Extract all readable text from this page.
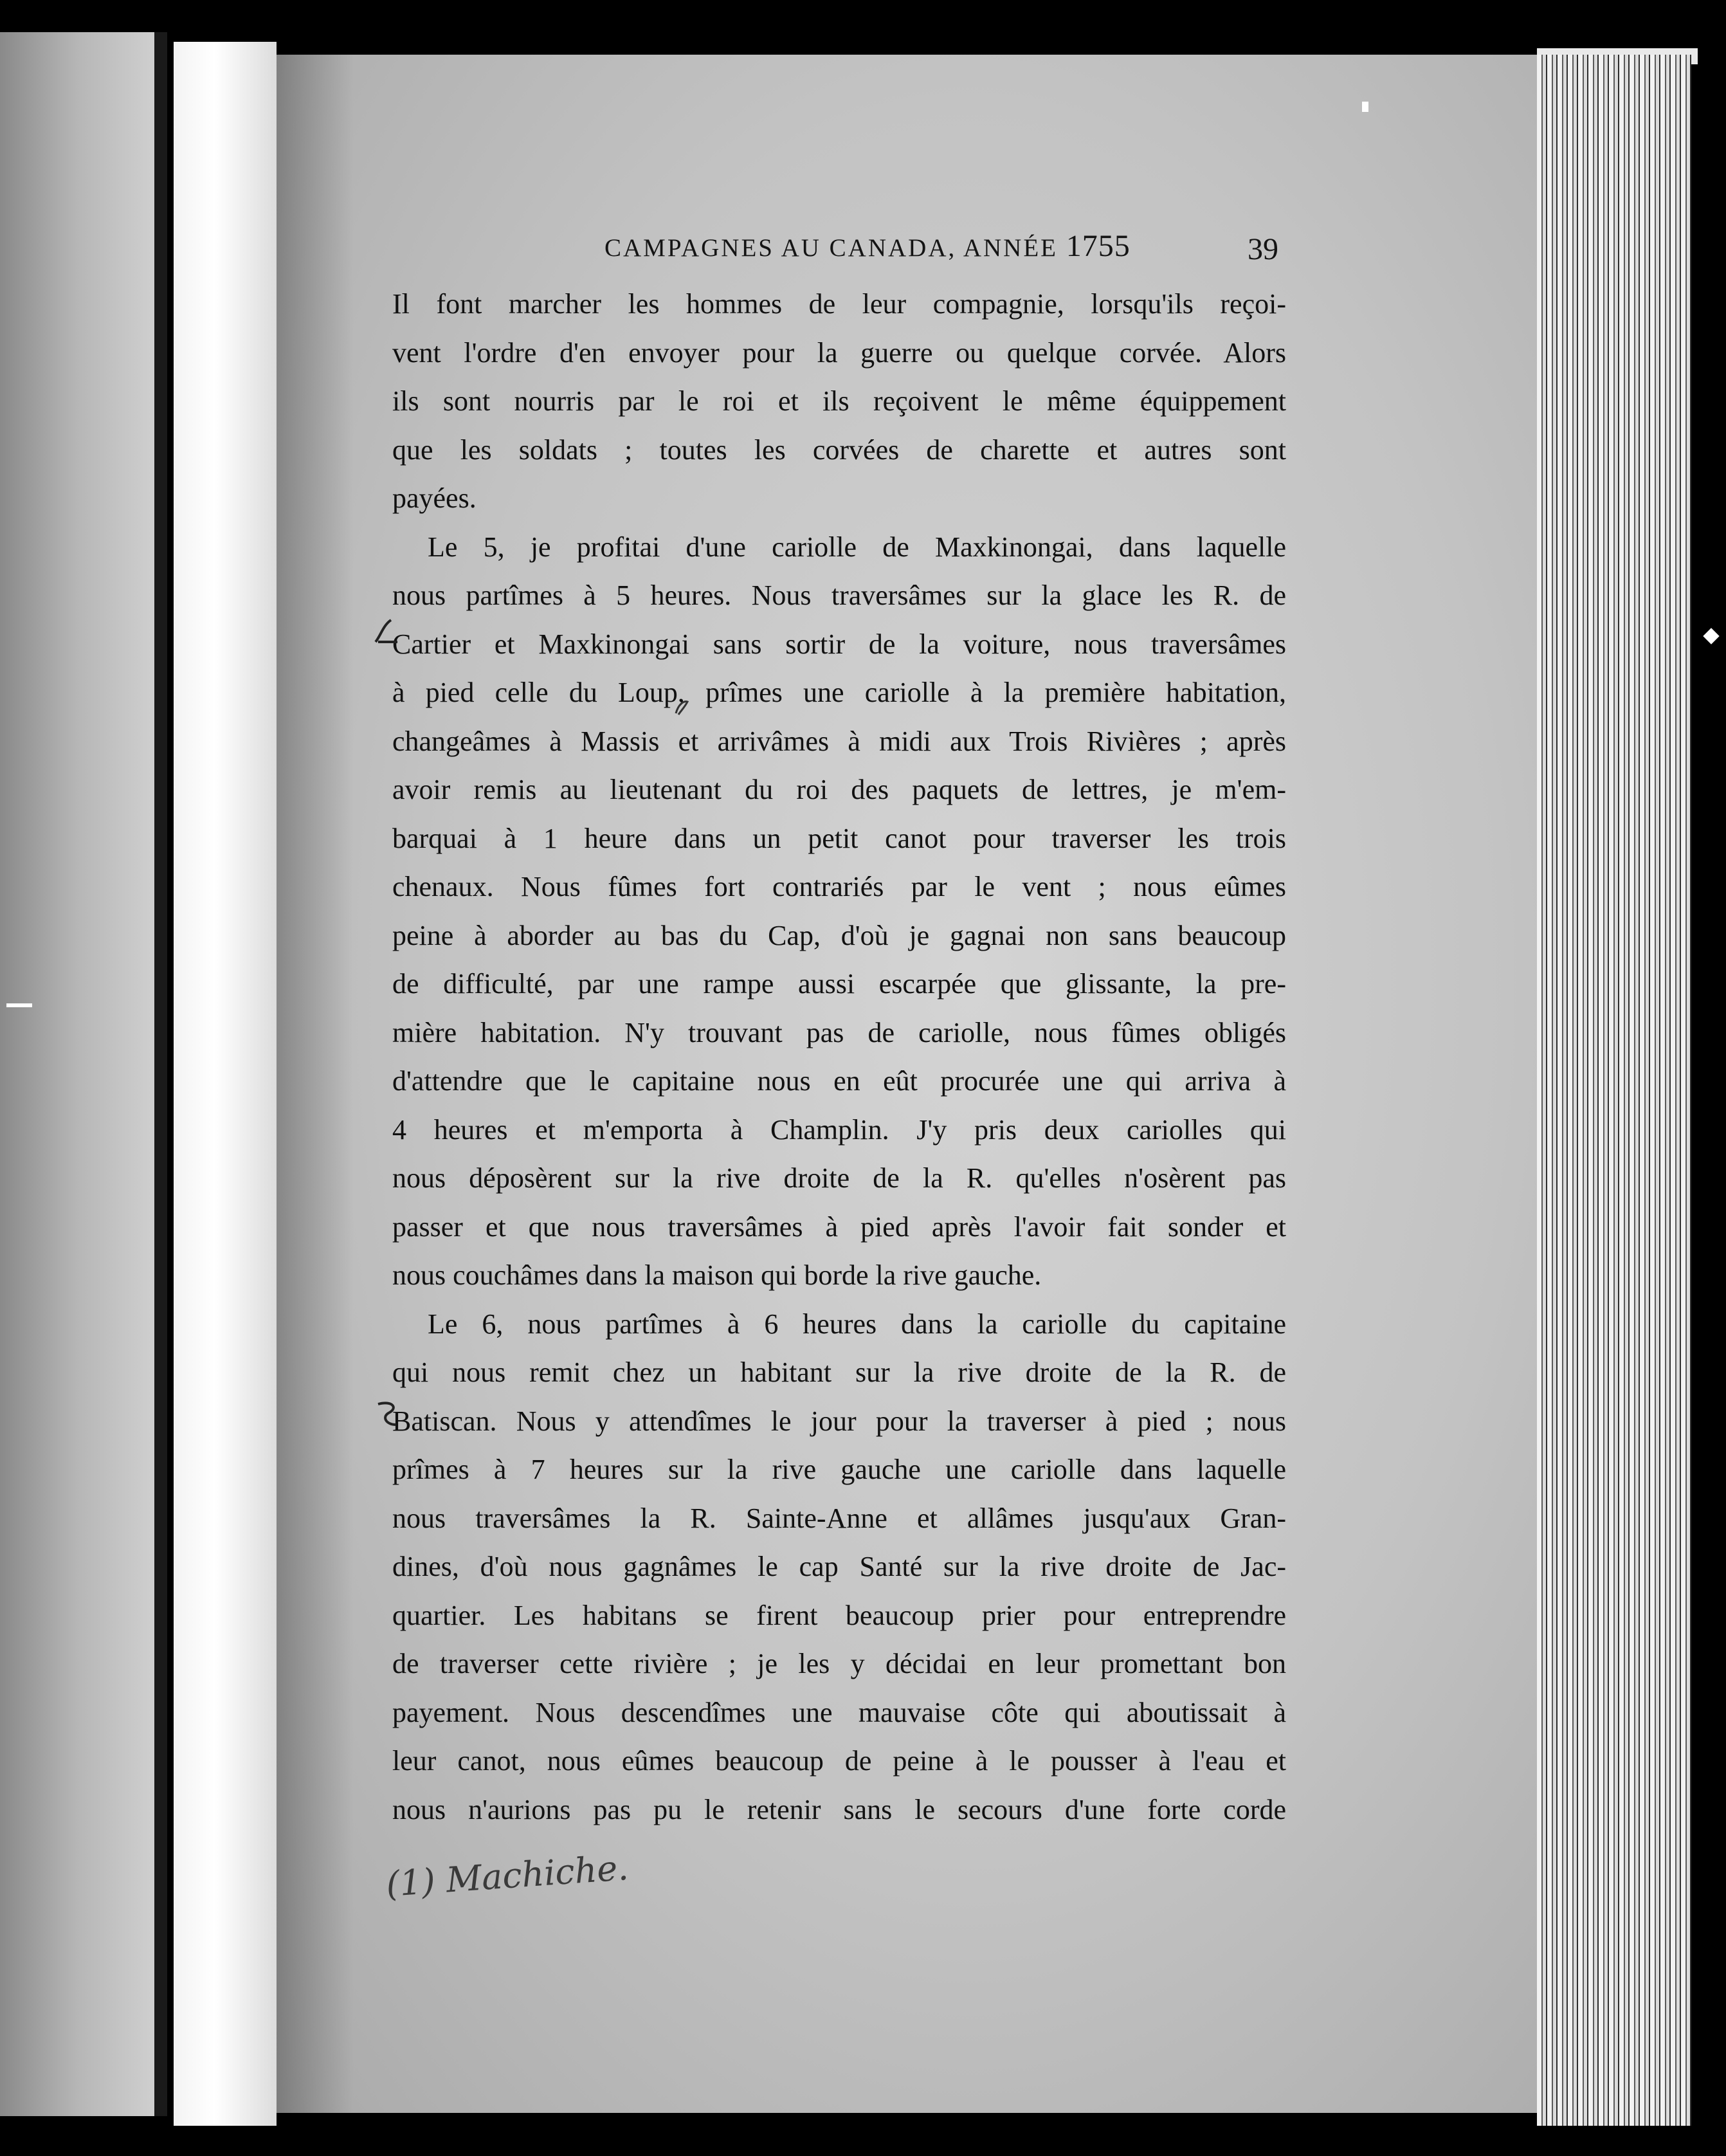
CAMPAGNES AU CANADA, ANNÉE 1755	39
Il font marcher les hommes de leur compagnie, lorsqu'ils reçoi-
vent l'ordre d'en envoyer pour la guerre ou quelque corvée. Alors
ils sont nourris par le roi et ils reçoivent le même équippement
que les soldats ; toutes les corvées de charette et autres sont
payées.
Le 5, je profitai d'une cariolle de Maxkinongai, dans laquelle
nous partîmes à 5 heures. Nous traversâmes sur la glace les R. de
Cartier et Maxkinongai sans sortir de la voiture, nous traversâmes
à pied celle du Loup, prîmes une cariolle à la première habitation,
changeâmes à Massis et arrivâmes à midi aux Trois Rivières ; après
avoir remis au lieutenant du roi des paquets de lettres, je m'em-
barquai à 1 heure dans un petit canot pour traverser les trois
chenaux. Nous fûmes fort contrariés par le vent ; nous eûmes
peine à aborder au bas du Cap, d'où je gagnai non sans beaucoup
de difficulté, par une rampe aussi escarpée que glissante, la pre-
mière habitation. N'y trouvant pas de cariolle, nous fûmes obligés
d'attendre que le capitaine nous en eût procurée une qui arriva à
4 heures et m'emporta à Champlin. J'y pris deux cariolles qui
nous déposèrent sur la rive droite de la R. qu'elles n'osèrent pas
passer et que nous traversâmes à pied après l'avoir fait sonder et
nous couchâmes dans la maison qui borde la rive gauche.
Le 6, nous partîmes à 6 heures dans la cariolle du capitaine
qui nous remit chez un habitant sur la rive droite de la R. de
Batiscan. Nous y attendîmes le jour pour la traverser à pied ; nous
prîmes à 7 heures sur la rive gauche une cariolle dans laquelle
nous traversâmes la R. Sainte-Anne et allâmes jusqu'aux Gran-
dines, d'où nous gagnâmes le cap Santé sur la rive droite de Jac-
quartier. Les habitans se firent beaucoup prier pour entreprendre
de traverser cette rivière ; je les y décidai en leur promettant bon
payement. Nous descendîmes une mauvaise côte qui aboutissait à
leur canot, nous eûmes beaucoup de peine à le pousser à l'eau et
nous n'aurions pas pu le retenir sans le secours d'une forte corde
(1) Machiche.
